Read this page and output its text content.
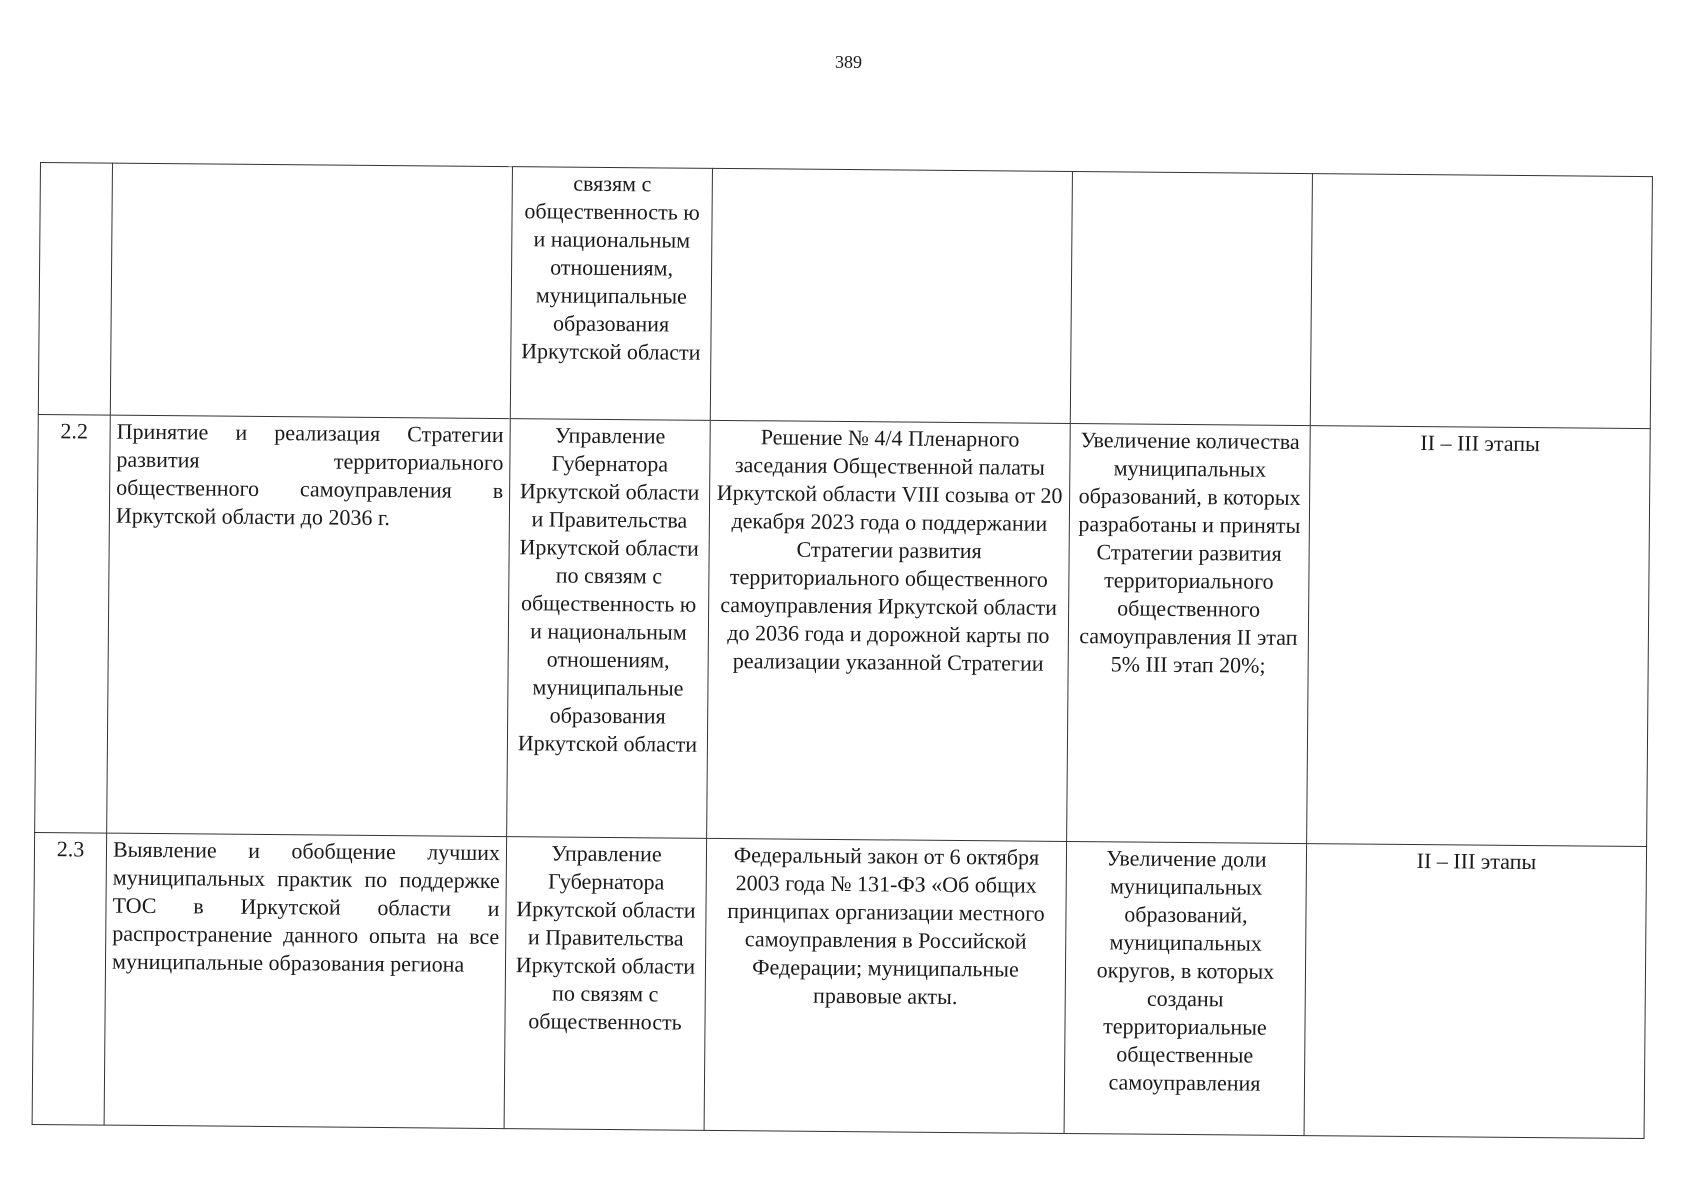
389
		связям с общественность ю и национальным отношениям, муниципальные образования Иркутской области			
2.2	Принятие и реализация Стратегии развития территориального общественного самоуправления в Иркутской области до 2036 г.	Управление Губернатора Иркутской области и Правительства Иркутской области по связям с общественность ю и национальным отношениям, муниципальные образования Иркутской области	Решение № 4/4 Пленарного заседания Общественной палаты Иркутской области VIII созыва от 20 декабря 2023 года о поддержании Стратегии развития территориального общественного самоуправления Иркутской области до 2036 года и дорожной карты по реализации указанной Стратегии	Увеличение количества муниципальных образований, в которых разработаны и приняты Стратегии развития территориального общественного самоуправления II этап 5% III этап 20%;	II – III этапы
2.3	Выявление и обобщение лучших муниципальных практик по поддержке ТОС в Иркутской области и распространение данного опыта на все муниципальные образования региона	Управление Губернатора Иркутской области и Правительства Иркутской области по связям с общественность	Федеральный закон от 6 октября 2003 года № 131-ФЗ «Об общих принципах организации местного самоуправления в Российской Федерации; муниципальные правовые акты.	Увеличение доли муниципальных образований, муниципальных округов, в которых созданы территориальные общественные самоуправления	II – III этапы
